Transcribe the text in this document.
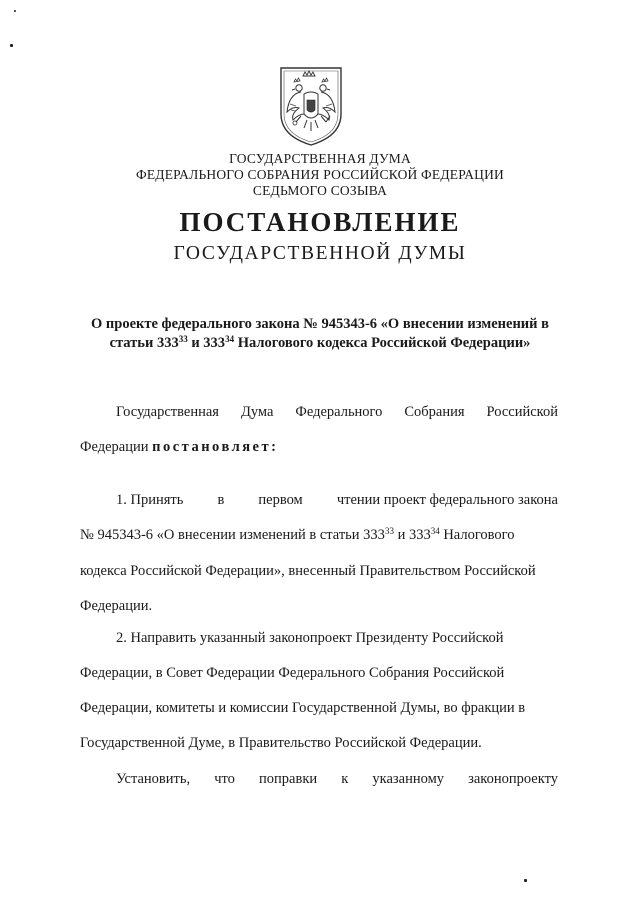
ГОСУДАРСТВЕННАЯ ДУМА
ФЕДЕРАЛЬНОГО СОБРАНИЯ РОССИЙСКОЙ ФЕДЕРАЦИИ
СЕДЬМОГО СОЗЫВА
ПОСТАНОВЛЕНИЕ
ГОСУДАРСТВЕННОЙ ДУМЫ
О проекте федерального закона № 945343-6 «О внесении изменений в
статьи $333^{33}$ и $333^{34}$ Налогового кодекса Российской Федерации»
Государственная Дума Федерального Собрания Российской
Федерации постановляет:
1. Принять в первом чтении проект федерального закона
№ 945343-6 «О внесении изменений в статьи $333^{33}$ и $333^{34}$ Налогового
кодекса Российской Федерации», внесенный Правительством Российской
Федерации.
2. Направить указанный законопроект Президенту Российской
Федерации, в Совет Федерации Федерального Собрания Российской
Федерации, комитеты и комиссии Государственной Думы, во фракции в
Государственной Думе, в Правительство Российской Федерации.
Установить, что поправки к указанному законопроекту
